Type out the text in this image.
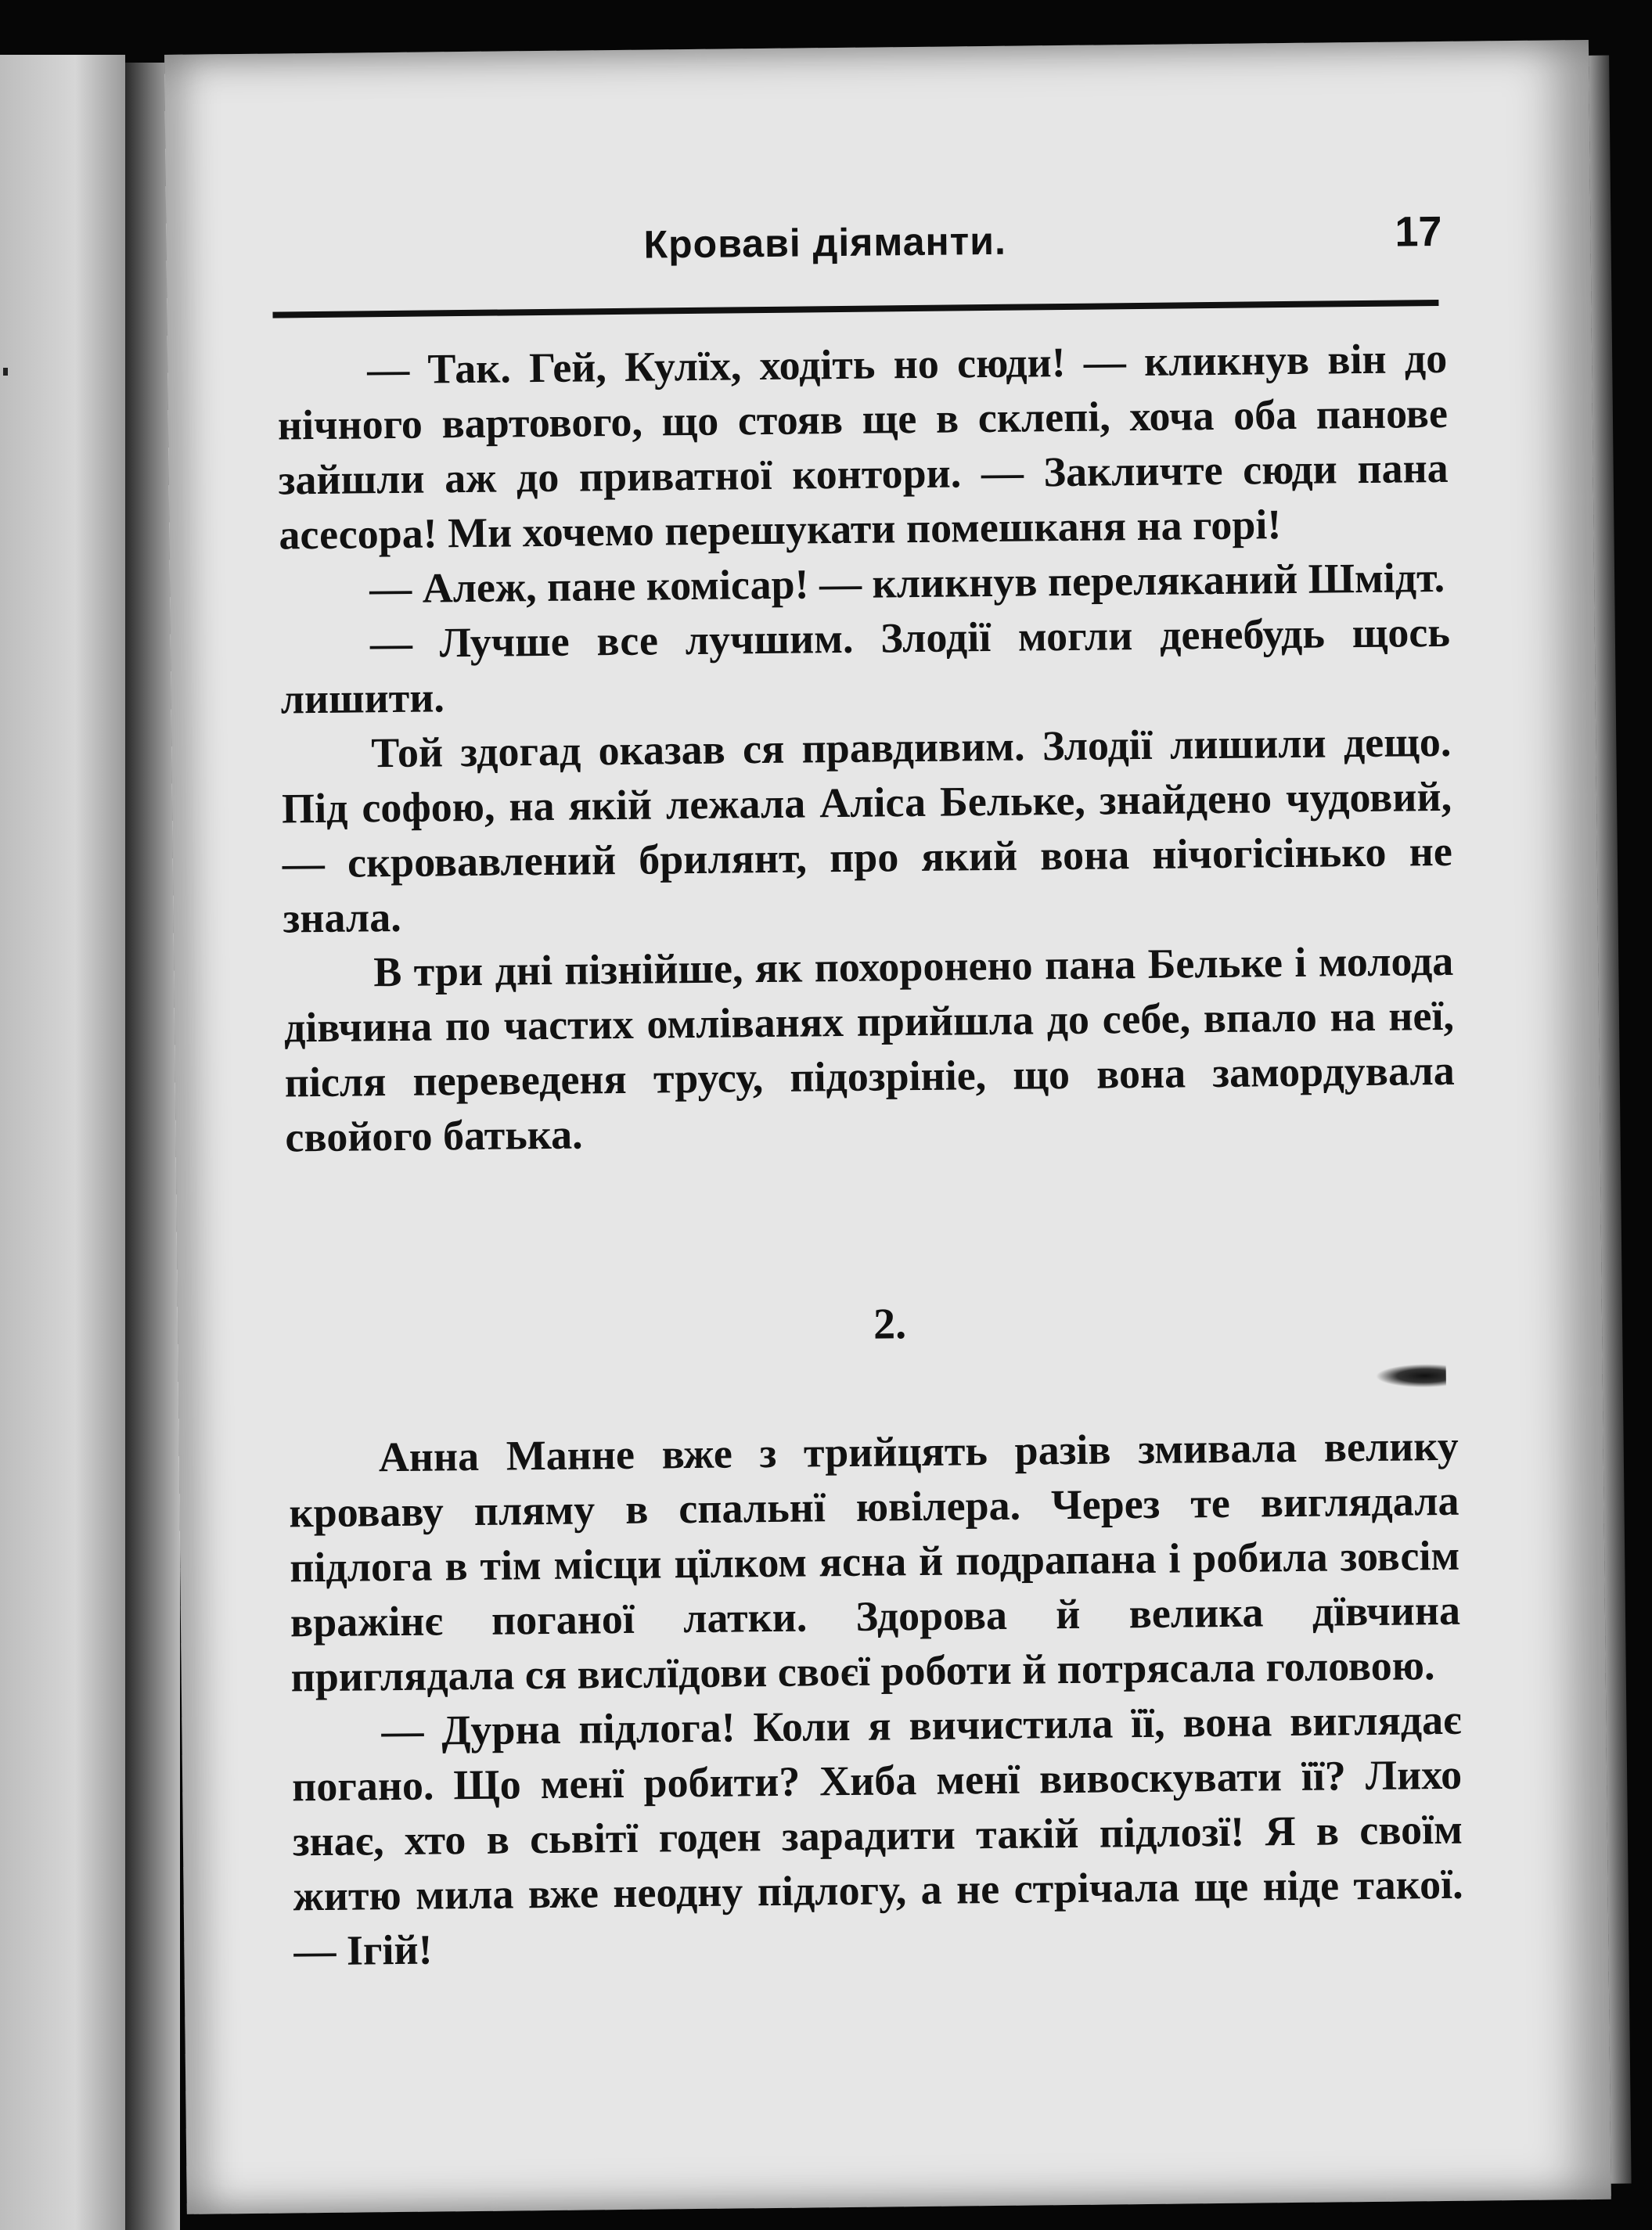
Кроваві діяманти.	17

— Так. Гей, Кулїх, ходіть но сюди! — кликнув він до нічного вартового, що стояв ще в склепі, хоча оба панове зайшли аж до приватної контори. — Закличте сюди пана асесора! Ми хочемо перешукати помешканя на горі!

— Алеж, пане комісар! — кликнув переляканий Шмідт.

— Лучше все лучшим. Злодії могли денебудь щось лишити.

Той здогад оказав ся правдивим. Злодії лишили дещо. Під софою, на якій лежала Аліса Бельке, знайдено чудовий, — скровавлений брилянт, про який вона нічогісінько не знала.

В три дні пізнійше, як похоронено пана Бельке і молода дівчина по частих омліванях прийшла до себе, впало на неї, після переведеня трусу, підозрініе, що вона замордувала свойого батька.

2.

Анна Манне вже з трийцять разів змивала велику кроваву пляму в спальнї ювілера. Через те виглядала підлога в тім місци цїлком ясна й подрапана і робила зовсім вражінє поганої латки. Здорова й велика дївчина приглядала ся вислїдови своєї роботи й потрясала головою.

— Дурна підлога! Коли я вичистила її, вона виглядає погано. Що менї робити? Хиба менї вивоскувати її? Лихо знає, хто в сьвітї годен зарадити такій підлозї! Я в своїм житю мила вже неодну підлогу, а не стрічала ще ніде такої. — Ігій!
